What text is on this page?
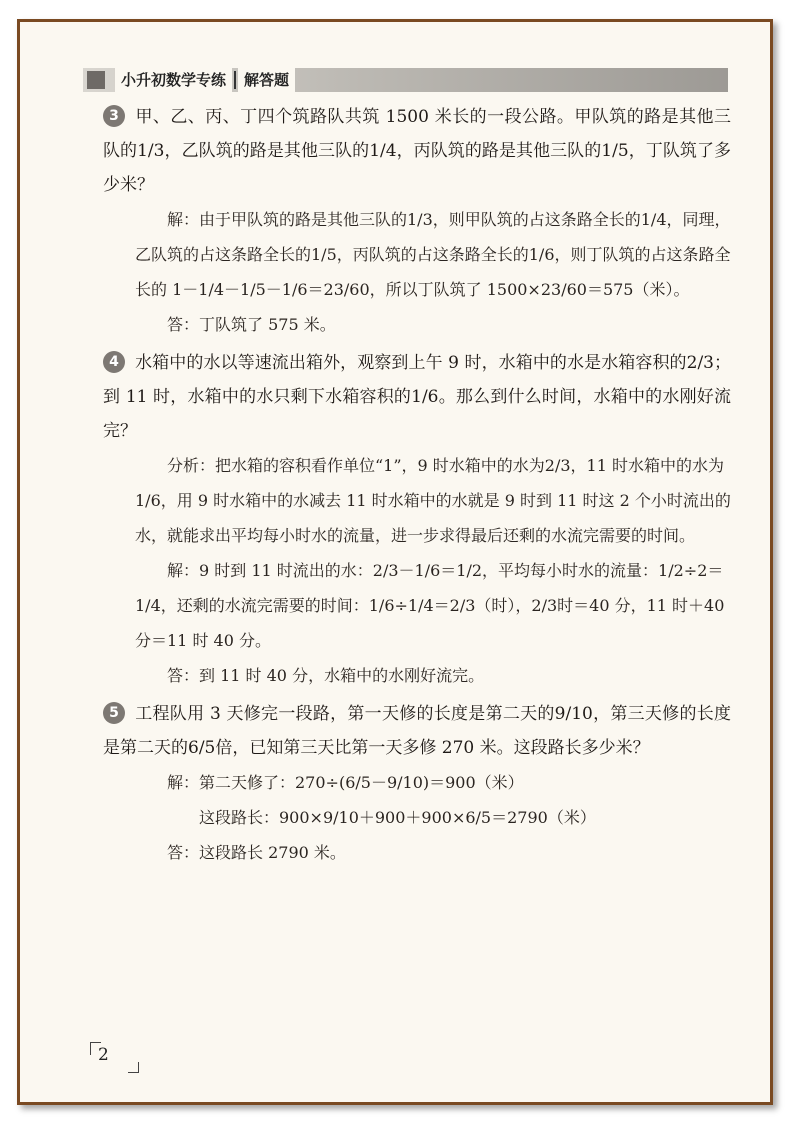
小升初数学专练	解答题

3 甲、乙、丙、丁四个筑路队共筑 1500 米长的一段公路。甲队筑的路是其他三队的1/3，乙队筑的路是其他三队的1/4，丙队筑的路是其他三队的1/5，丁队筑了多少米？

解：由于甲队筑的路是其他三队的1/3，则甲队筑的占这条路全长的1/4，同理，乙队筑的占这条路全长的1/5，丙队筑的占这条路全长的1/6，则丁队筑的占这条路全长的 1－1/4－1/5－1/6＝23/60，所以丁队筑了 1500×23/60＝575（米）。

答：丁队筑了 575 米。

4 水箱中的水以等速流出箱外，观察到上午 9 时，水箱中的水是水箱容积的2/3；到 11 时，水箱中的水只剩下水箱容积的1/6。那么到什么时间，水箱中的水刚好流完？

分析：把水箱的容积看作单位“1”，9 时水箱中的水为2/3，11 时水箱中的水为1/6，用 9 时水箱中的水减去 11 时水箱中的水就是 9 时到 11 时这 2 个小时流出的水，就能求出平均每小时水的流量，进一步求得最后还剩的水流完需要的时间。

解：9 时到 11 时流出的水：2/3－1/6＝1/2，平均每小时水的流量：1/2÷2＝1/4，还剩的水流完需要的时间：1/6÷1/4＝2/3（时），2/3时＝40 分，11 时＋40 分＝11 时 40 分。

答：到 11 时 40 分，水箱中的水刚好流完。

5 工程队用 3 天修完一段路，第一天修的长度是第二天的9/10，第三天修的长度是第二天的6/5倍，已知第三天比第一天多修 270 米。这段路长多少米？

解：第二天修了：270÷(6/5－9/10)＝900（米）

这段路长：900×9/10＋900＋900×6/5＝2790（米）

答：这段路长 2790 米。

2
